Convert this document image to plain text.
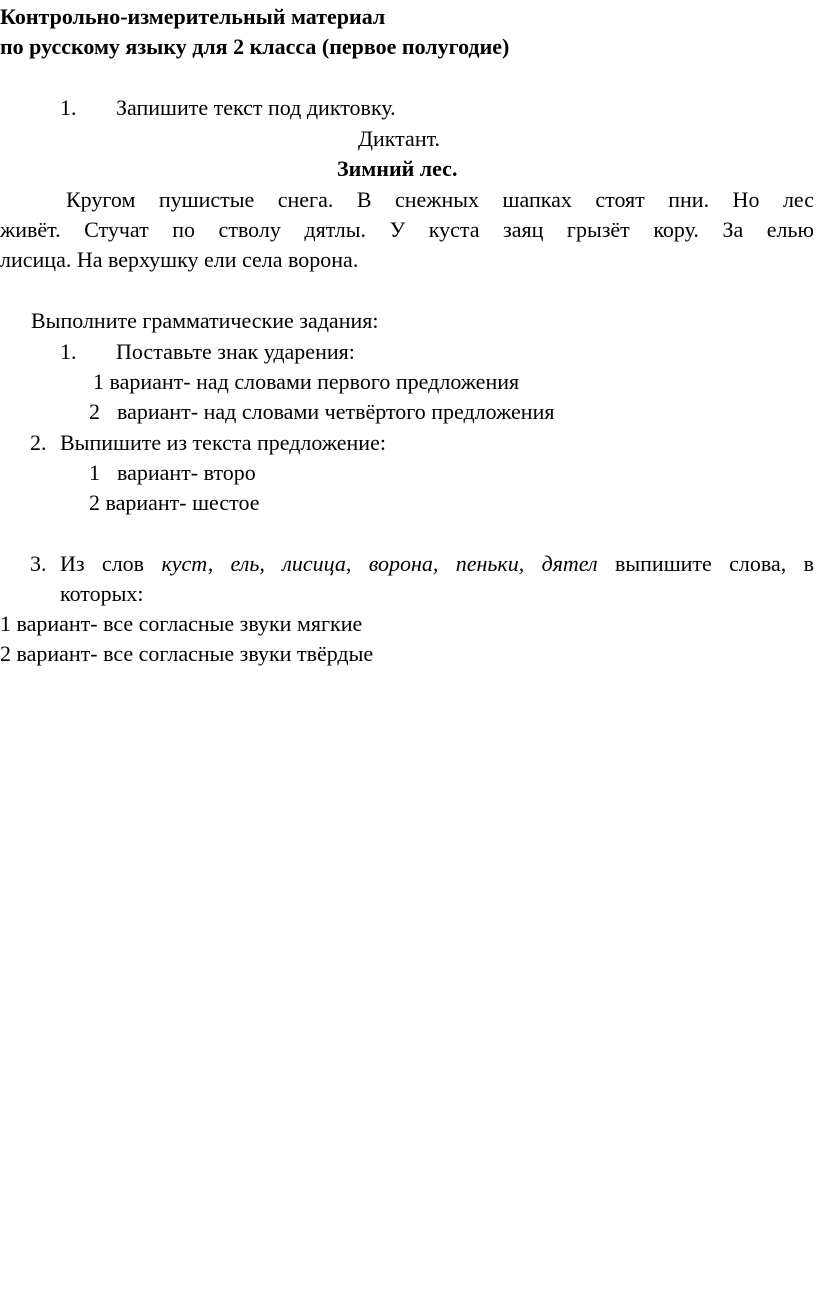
Контрольно-измерительный материал
по русскому языку для 2 класса (первое полугодие)
1. Запишите текст под диктовку.
Диктант.
Зимний лес.
Кругом пушистые снега. В снежных шапках стоят пни. Но лес
живёт. Стучат по стволу дятлы. У куста заяц грызёт кору. За елью
лисица. На верхушку ели села ворона.
Выполните грамматические задания:
1. Поставьте знак ударения:
1 вариант- над словами первого предложения
2 вариант- над словами четвёртого предложения
2. Выпишите из текста предложение:
1 вариант- второ
2 вариант- шестое
3. Из слов куст, ель, лисица, ворона, пеньки, дятел выпишите слова, в
которых:
1 вариант- все согласные звуки мягкие
2 вариант- все согласные звуки твёрдые
